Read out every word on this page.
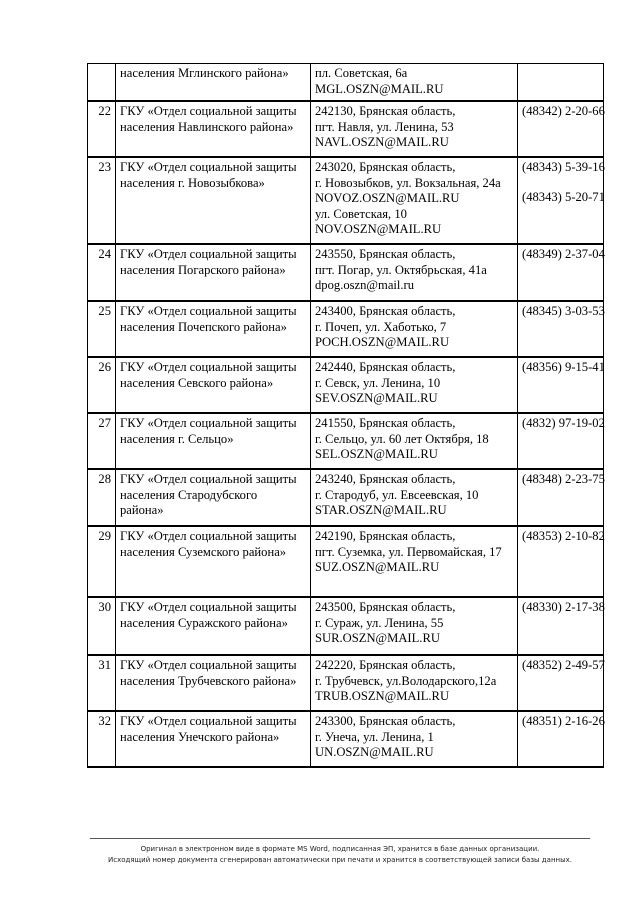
	населения Мглинского района»	пл. Советская, 6а
MGL.OSZN@MAIL.RU	

22	ГКУ «Отдел социальной защиты
населения Навлинского района»	242130, Брянская область,
пгт. Навля, ул. Ленина, 53
NAVL.OSZN@MAIL.RU	(48342) 2-20-66

23	ГКУ «Отдел социальной защиты
населения г. Новозыбкова»	243020, Брянская область,
г. Новозыбков, ул. Вокзальная, 24а
NOVOZ.OSZN@MAIL.RU
ул. Советская, 10
NOV.OSZN@MAIL.RU	(48343) 5-39-16
(48343) 5-20-71

24	ГКУ «Отдел социальной защиты
населения Погарского района»	243550, Брянская область,
пгт. Погар, ул. Октябрьская, 41а
dpog.oszn@mail.ru	(48349) 2-37-04

25	ГКУ «Отдел социальной защиты
населения Почепского района»	243400, Брянская область,
г. Почеп, ул. Хаботько, 7
POCH.OSZN@MAIL.RU	(48345) 3-03-53

26	ГКУ «Отдел социальной защиты
населения Севского района»	242440, Брянская область,
г. Севск, ул. Ленина, 10
SEV.OSZN@MAIL.RU	(48356) 9-15-41

27	ГКУ «Отдел социальной защиты
населения г. Сельцо»	241550, Брянская область,
г. Сельцо, ул. 60 лет Октября, 18
SEL.OSZN@MAIL.RU	(4832) 97-19-02

28	ГКУ «Отдел социальной защиты
населения Стародубского
района»	243240, Брянская область,
г. Стародуб, ул. Евсеевская, 10
STAR.OSZN@MAIL.RU	(48348) 2-23-75

29	ГКУ «Отдел социальной защиты
населения Суземского района»	242190, Брянская область,
пгт. Суземка, ул. Первомайская, 17
SUZ.OSZN@MAIL.RU	(48353) 2-10-82

30	ГКУ «Отдел социальной защиты
населения Суражского района»	243500, Брянская область,
г. Сураж, ул. Ленина, 55
SUR.OSZN@MAIL.RU	(48330) 2-17-38

31	ГКУ «Отдел социальной защиты
населения Трубчевского района»	242220, Брянская область,
г. Трубчевск, ул.Володарского,12а
TRUB.OSZN@MAIL.RU	(48352) 2-49-57

32	ГКУ «Отдел социальной защиты
населения Унечского района»	243300, Брянская область,
г. Унеча, ул. Ленина, 1
UN.OSZN@MAIL.RU	(48351) 2-16-26
Оригинал в электронном виде в формате MS Word, подписанная ЭП, хранится в базе данных организации.
Исходящий номер документа сгенерирован автоматически при печати и хранится в соответствующей записи базы данных.
